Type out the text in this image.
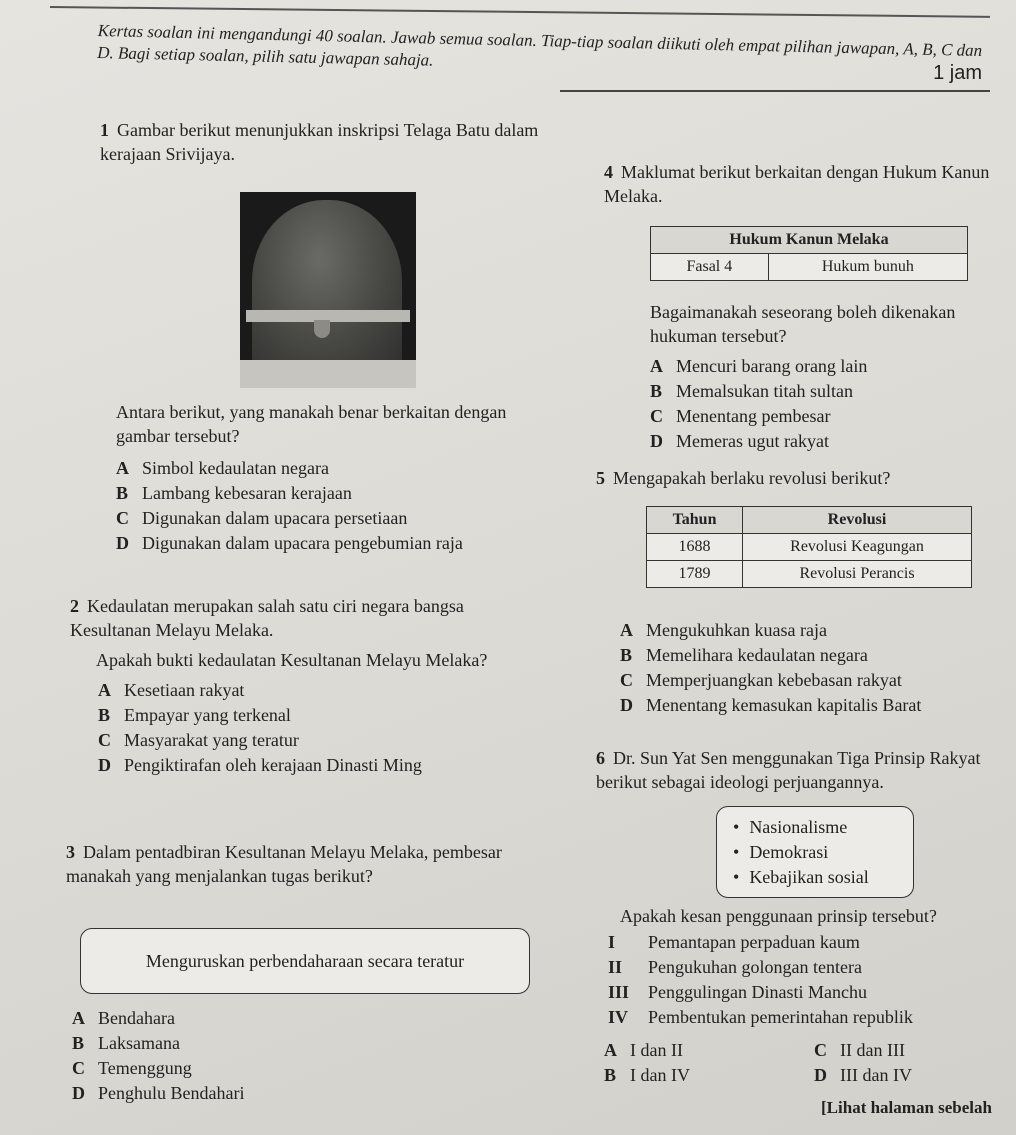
1 jam
Kertas soalan ini mengandungi 40 soalan. Jawab semua soalan. Tiap-tiap soalan diikuti oleh empat pilihan jawapan, A, B, C dan D. Bagi setiap soalan, pilih satu jawapan sahaja.

1 Gambar berikut menunjukkan inskripsi Telaga Batu dalam kerajaan Srivijaya.

Antara berikut, yang manakah benar berkaitan dengan gambar tersebut?

A Simbol kedaulatan negara

B Lambang kebesaran kerajaan

C Digunakan dalam upacara persetiaan

D Digunakan dalam upacara pengebumian raja

2 Kedaulatan merupakan salah satu ciri negara bangsa Kesultanan Melayu Melaka.

Apakah bukti kedaulatan Kesultanan Melayu Melaka?

A Kesetiaan rakyat

B Empayar yang terkenal

C Masyarakat yang teratur

D Pengiktirafan oleh kerajaan Dinasti Ming

3 Dalam pentadbiran Kesultanan Melayu Melaka, pembesar manakah yang menjalankan tugas berikut?

Menguruskan perbendaharaan secara teratur

A Bendahara

B Laksamana

C Temenggung

D Penghulu Bendahari

4 Maklumat berikut berkaitan dengan Hukum Kanun Melaka.

Hukum Kanun Melaka
Fasal 4	Hukum bunuh

Bagaimanakah seseorang boleh dikenakan hukuman tersebut?

A Mencuri barang orang lain

B Memalsukan titah sultan

C Menentang pembesar

D Memeras ugut rakyat

5 Mengapakah berlaku revolusi berikut?

Tahun	Revolusi
1688	Revolusi Keagungan
1789	Revolusi Perancis

A Mengukuhkan kuasa raja

B Memelihara kedaulatan negara

C Memperjuangkan kebebasan rakyat

D Menentang kemasukan kapitalis Barat

6 Dr. Sun Yat Sen menggunakan Tiga Prinsip Rakyat berikut sebagai ideologi perjuangannya.

• Nasionalisme
• Demokrasi
• Kebajikan sosial
Apakah kesan penggunaan prinsip tersebut?

I Pemantapan perpaduan kaum

II Pengukuhan golongan tentera

III Penggulingan Dinasti Manchu

IV Pembentukan pemerintahan republik

A I dan II

B I dan IV

C II dan III

D III dan IV

[Lihat halaman sebelah
